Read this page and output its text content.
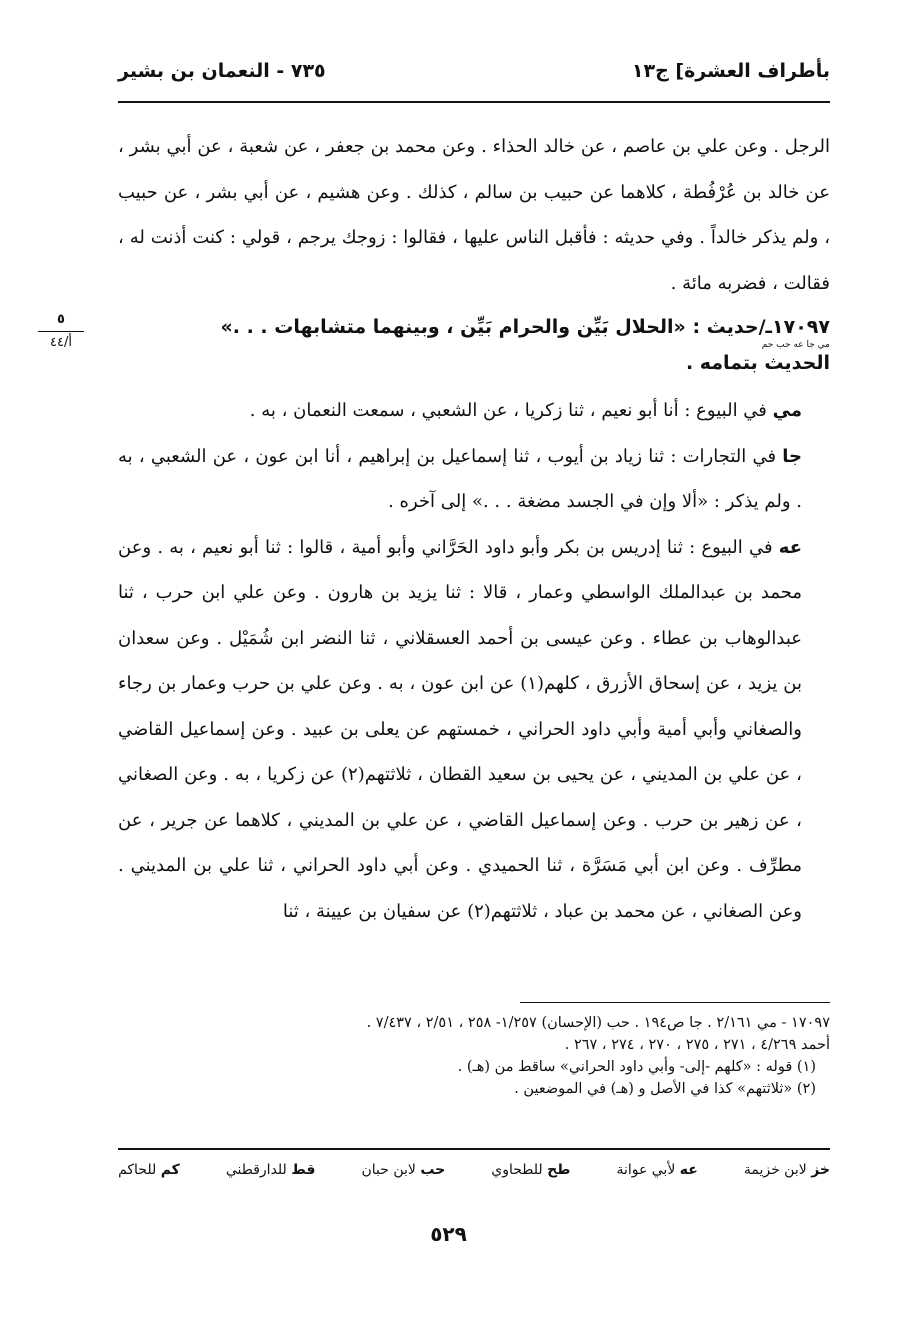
بأطراف العشرة] ج١٣
٧٣٥ - النعمان بن بشير
٥
أ/٤٤

الرجل . وعن علي بن عاصم ، عن خالد الحذاء . وعن محمد بن جعفر ، عن شعبة ، عن أبي بشر ، عن خالد بن عُرْفُطة ، كلاهما عن حبيب بن سالم ، كذلك . وعن هشيم ، عن أبي بشر ، عن حبيب ، ولم يذكر خالداً . وفي حديثه : فأقبل الناس عليها ، فقالوا : زوجك يرجم ، قولي : كنت أذنت له ، فقالت ، فضربه مائة .

١٧٠٩٧ـ/حديث : «الحلال بَيِّن والحرام بَيِّن ، وبينهما متشابهات . . .»

مي جا عه حب حم

الحديث بتمامه .

مي في البيوع : أنا أبو نعيم ، ثنا زكريا ، عن الشعبي ، سمعت النعمان ، به .

جا في التجارات : ثنا زياد بن أيوب ، ثنا إسماعيل بن إبراهيم ، أنا ابن عون ، عن الشعبي ، به . ولم يذكر : «ألا وإن في الجسد مضغة . . .» إلى آخره .

عه في البيوع : ثنا إدريس بن بكر وأبو داود الحَرَّاني وأبو أمية ، قالوا : ثنا أبو نعيم ، به . وعن محمد بن عبدالملك الواسطي وعمار ، قالا : ثنا يزيد بن هارون . وعن علي ابن حرب ، ثنا عبدالوهاب بن عطاء . وعن عيسى بن أحمد العسقلاني ، ثنا النضر ابن شُمَيْل . وعن سعدان بن يزيد ، عن إسحاق الأزرق ، كلهم(١) عن ابن عون ، به . وعن علي بن حرب وعمار بن رجاء والصغاني وأبي أمية وأبي داود الحراني ، خمستهم عن يعلى بن عبيد . وعن إسماعيل القاضي ، عن علي بن المديني ، عن يحيى بن سعيد القطان ، ثلاثتهم(٢) عن زكريا ، به . وعن الصغاني ، عن زهير بن حرب . وعن إسماعيل القاضي ، عن علي بن المديني ، كلاهما عن جرير ، عن مطرِّف . وعن ابن أبي مَسَرَّة ، ثنا الحميدي . وعن أبي داود الحراني ، ثنا علي بن المديني . وعن الصغاني ، عن محمد بن عباد ، ثلاثتهم(٢) عن سفيان بن عيينة ، ثنا

١٧٠٩٧ - مي ٢/١٦١ . جا ص١٩٤ . حب (الإحسان) ١/٢٥٧- ٢٥٨ ، ٢/٥١ ، ٧/٤٣٧ .

أحمد ٤/٢٦٩ ، ٢٧١ ، ٢٧٥ ، ٢٧٠ ، ٢٧٤ ، ٢٦٧ .

(١) قوله : «كلهم -إلى- وأبي داود الحراني» ساقط من (هـ) .

(٢) «ثلاثتهم» كذا في الأصل و (هـ) في الموضعين .

خز لابن خزيمة
عه لأبي عوانة
طح للطحاوي
حب لابن حبان
قط للدارقطني
كم للحاكم
٥٢٩
